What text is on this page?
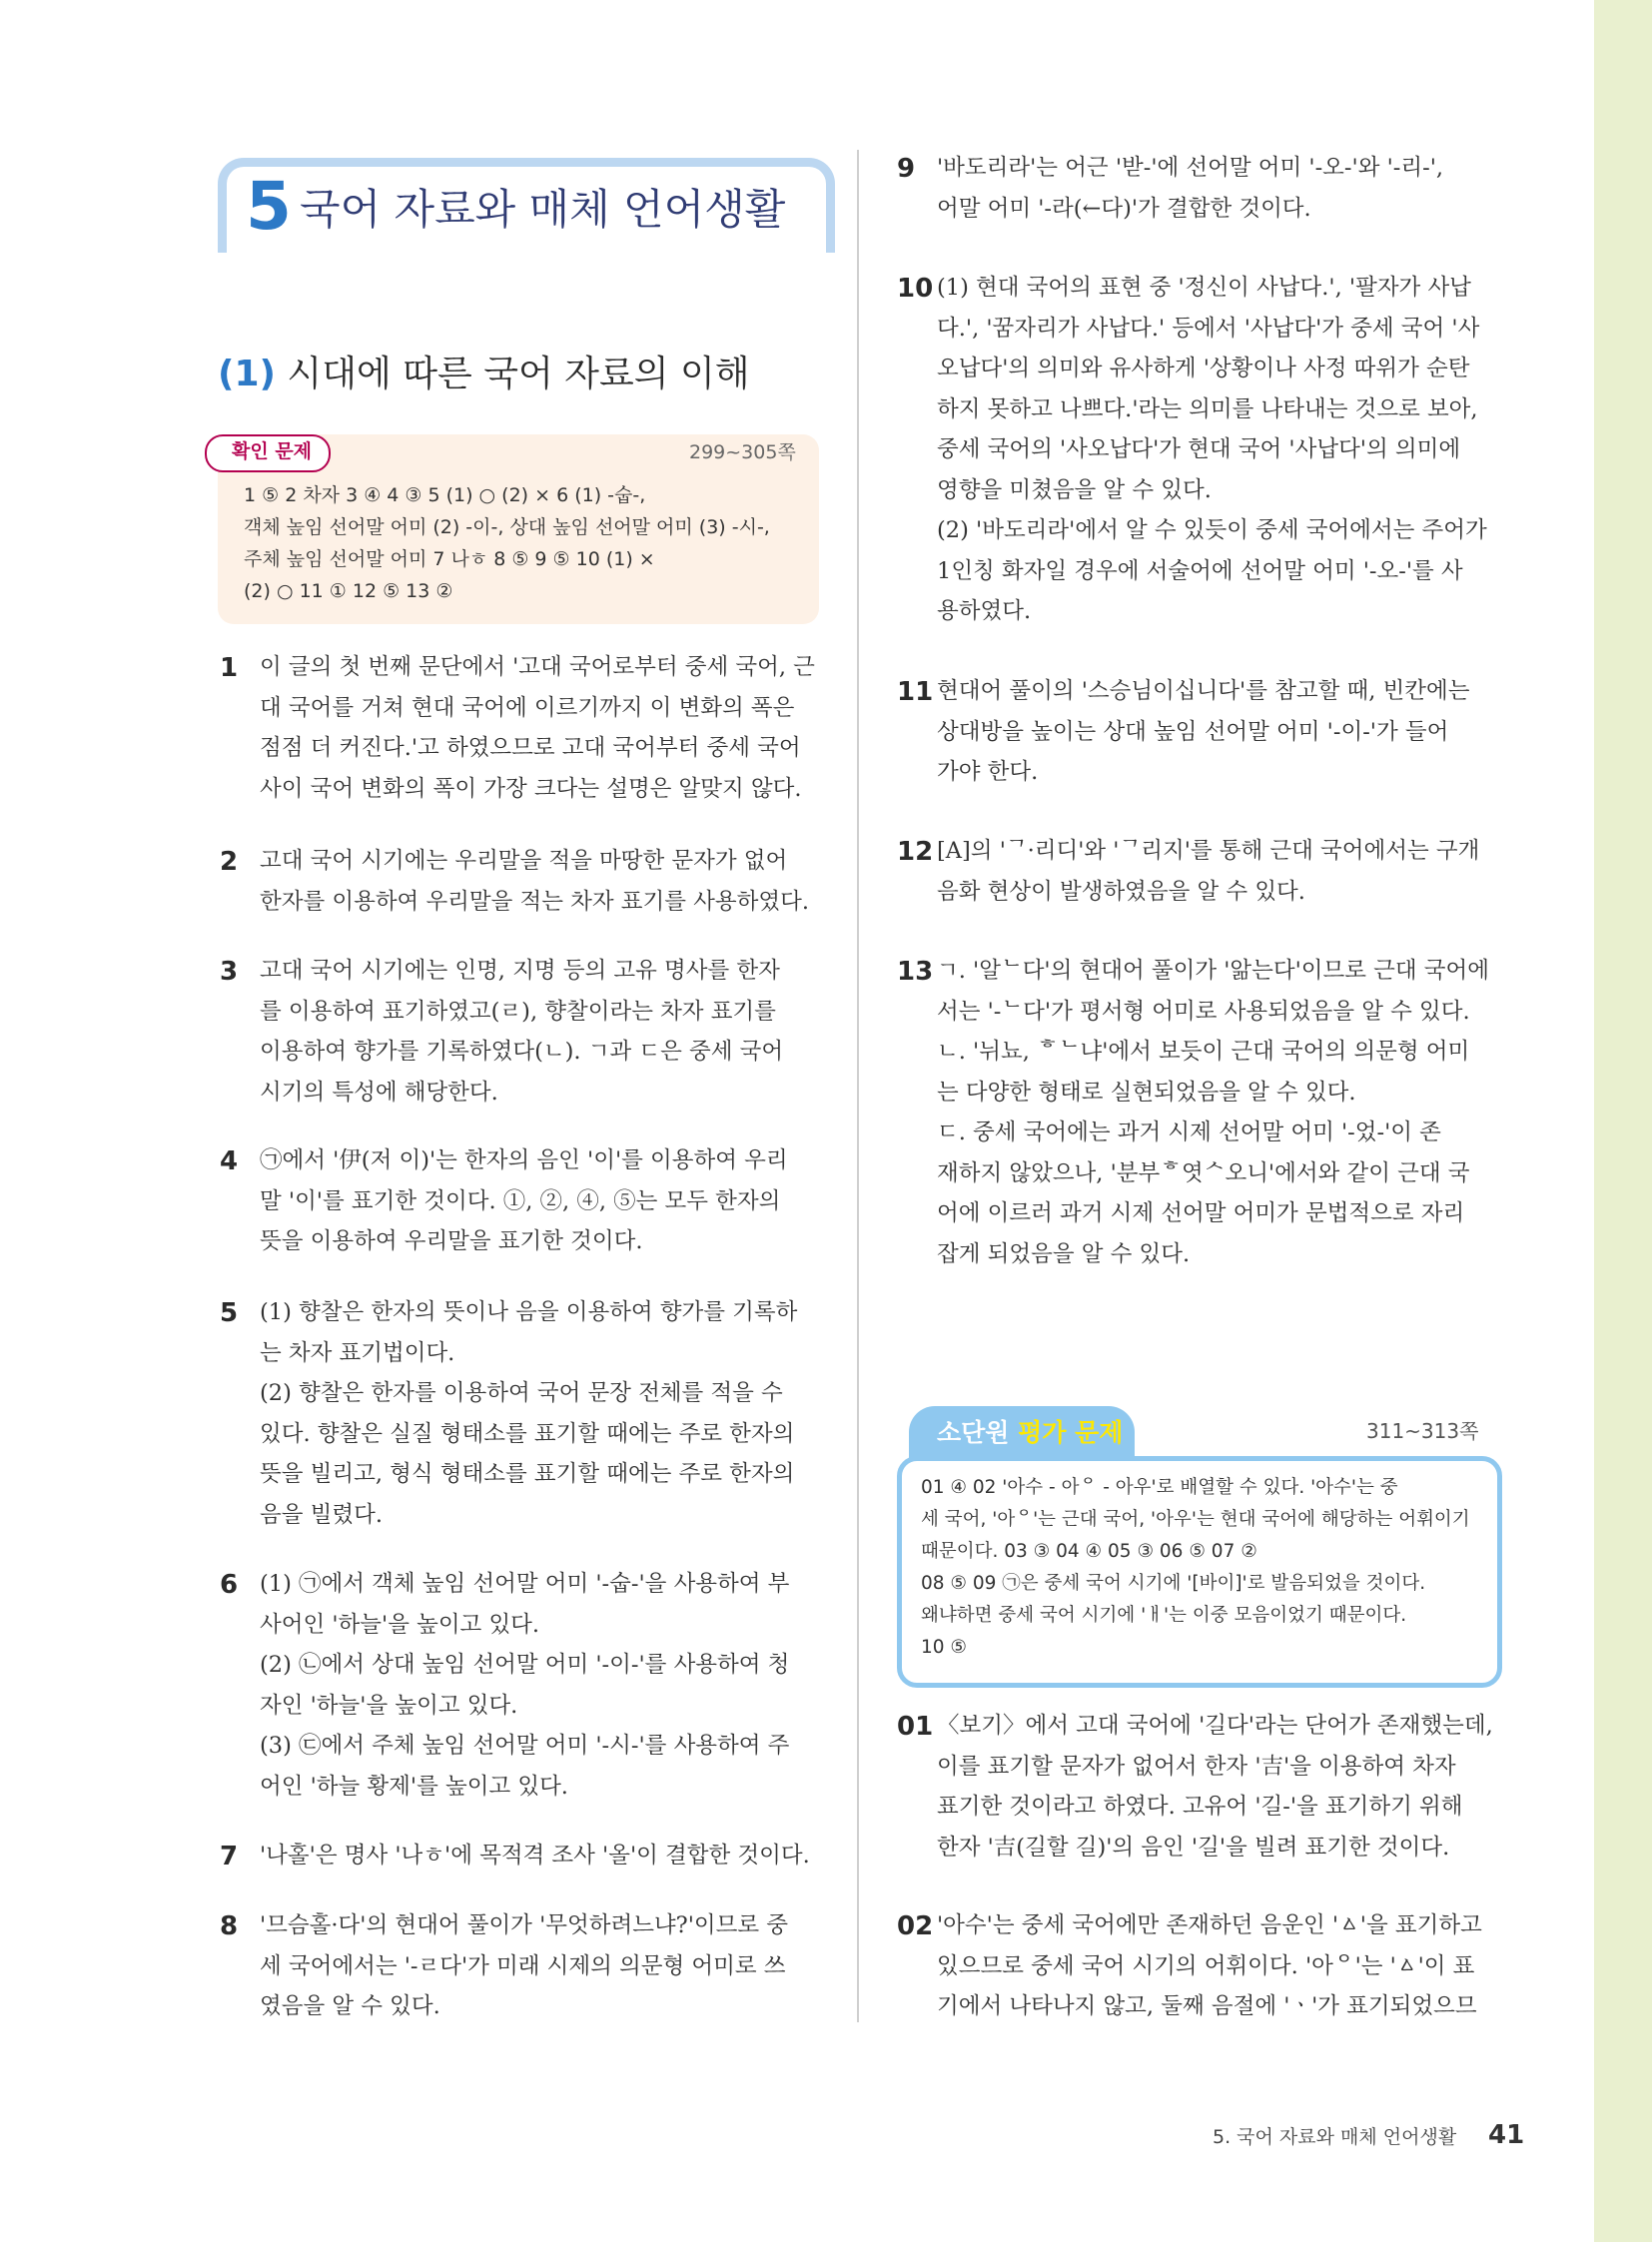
5 국어 자료와 매체 언어생활
(1) 시대에 따른 국어 자료의 이해
확인 문제	299~305쪽
1 ⑤ 2 차자 3 ④ 4 ③ 5 (1) ○ (2) × 6 (1) -숩-,
객체 높임 선어말 어미 (2) -이-, 상대 높임 선어말 어미 (3) -시-,
주체 높임 선어말 어미 7 나ㅎ 8 ⑤ 9 ⑤ 10 (1) ×
(2) ○ 11 ① 12 ⑤ 13 ②
1 이 글의 첫 번째 문단에서 '고대 국어로부터 중세 국어, 근
대 국어를 거쳐 현대 국어에 이르기까지 이 변화의 폭은
점점 더 커진다.'고 하였으므로 고대 국어부터 중세 국어
사이 국어 변화의 폭이 가장 크다는 설명은 알맞지 않다.
2 고대 국어 시기에는 우리말을 적을 마땅한 문자가 없어
한자를 이용하여 우리말을 적는 차자 표기를 사용하였다.
3 고대 국어 시기에는 인명, 지명 등의 고유 명사를 한자
를 이용하여 표기하였고(ㄹ), 향찰이라는 차자 표기를
이용하여 향가를 기록하였다(ㄴ). ㄱ과 ㄷ은 중세 국어
시기의 특성에 해당한다.
4 ㉠에서 '伊(저 이)'는 한자의 음인 '이'를 이용하여 우리
말 '이'를 표기한 것이다. ①, ②, ④, ⑤는 모두 한자의
뜻을 이용하여 우리말을 표기한 것이다.
5 (1) 향찰은 한자의 뜻이나 음을 이용하여 향가를 기록하
는 차자 표기법이다.
(2) 향찰은 한자를 이용하여 국어 문장 전체를 적을 수
있다. 향찰은 실질 형태소를 표기할 때에는 주로 한자의
뜻을 빌리고, 형식 형태소를 표기할 때에는 주로 한자의
음을 빌렸다.
6 (1) ㉠에서 객체 높임 선어말 어미 '-숩-'을 사용하여 부
사어인 '하늘'을 높이고 있다.
(2) ㉡에서 상대 높임 선어말 어미 '-이-'를 사용하여 청
자인 '하늘'을 높이고 있다.
(3) ㉢에서 주체 높임 선어말 어미 '-시-'를 사용하여 주
어인 '하늘 황제'를 높이고 있다.
7 '나홀'은 명사 '나ㅎ'에 목적격 조사 '올'이 결합한 것이다.
8 '므슴홀·다'의 현대어 풀이가 '무엇하려느냐?'이므로 중
세 국어에서는 '-ㄹ다'가 미래 시제의 의문형 어미로 쓰
였음을 알 수 있다.
9 '바도리라'는 어근 '받-'에 선어말 어미 '-오-'와 '-리-',
어말 어미 '-라(←다)'가 결합한 것이다.
10 (1) 현대 국어의 표현 중 '정신이 사납다.', '팔자가 사납
다.', '꿈자리가 사납다.' 등에서 '사납다'가 중세 국어 '사
오납다'의 의미와 유사하게 '상황이나 사정 따위가 순탄
하지 못하고 나쁘다.'라는 의미를 나타내는 것으로 보아,
중세 국어의 '사오납다'가 현대 국어 '사납다'의 의미에
영향을 미쳤음을 알 수 있다.
(2) '바도리라'에서 알 수 있듯이 중세 국어에서는 주어가
1인칭 화자일 경우에 서술어에 선어말 어미 '-오-'를 사
용하였다.
11 현대어 풀이의 '스승님이십니다'를 참고할 때, 빈칸에는
상대방을 높이는 상대 높임 선어말 어미 '-이-'가 들어
가야 한다.
12 [A]의 'ᄀ·리디'와 'ᄀ리지'를 통해 근대 국어에서는 구개
음화 현상이 발생하였음을 알 수 있다.
13 ㄱ. '알ᄂ다'의 현대어 풀이가 '앎는다'이므로 근대 국어에
서는 '-ᄂ다'가 평서형 어미로 사용되었음을 알 수 있다.
ㄴ. '뉘뇨, ᄒᄂ냐'에서 보듯이 근대 국어의 의문형 어미
는 다양한 형태로 실현되었음을 알 수 있다.
ㄷ. 중세 국어에는 과거 시제 선어말 어미 '-었-'이 존
재하지 않았으나, '분부ᄒ엿ᄉ오니'에서와 같이 근대 국
어에 이르러 과거 시제 선어말 어미가 문법적으로 자리
잡게 되었음을 알 수 있다.
소단원 평가 문제	311~313쪽
01 ④ 02 '아수 - 아ᄋ - 아우'로 배열할 수 있다. '아수'는 중
세 국어, '아ᄋ'는 근대 국어, '아우'는 현대 국어에 해당하는 어휘이기
때문이다. 03 ③ 04 ④ 05 ③ 06 ⑤ 07 ②
08 ⑤ 09 ㉠은 중세 국어 시기에 '[바이]'로 발음되었을 것이다.
왜냐하면 중세 국어 시기에 'ㅐ'는 이중 모음이었기 때문이다.
10 ⑤
01 〈보기〉에서 고대 국어에 '길다'라는 단어가 존재했는데,
이를 표기할 문자가 없어서 한자 '吉'을 이용하여 차자
표기한 것이라고 하였다. 고유어 '길-'을 표기하기 위해
한자 '吉(길할 길)'의 음인 '길'을 빌려 표기한 것이다.
02 '아수'는 중세 국어에만 존재하던 음운인 'ㅿ'을 표기하고
있으므로 중세 국어 시기의 어휘이다. '아ᄋ'는 'ㅿ'이 표
기에서 나타나지 않고, 둘째 음절에 'ㆍ'가 표기되었으므
5. 국어 자료와 매체 언어생활 41
